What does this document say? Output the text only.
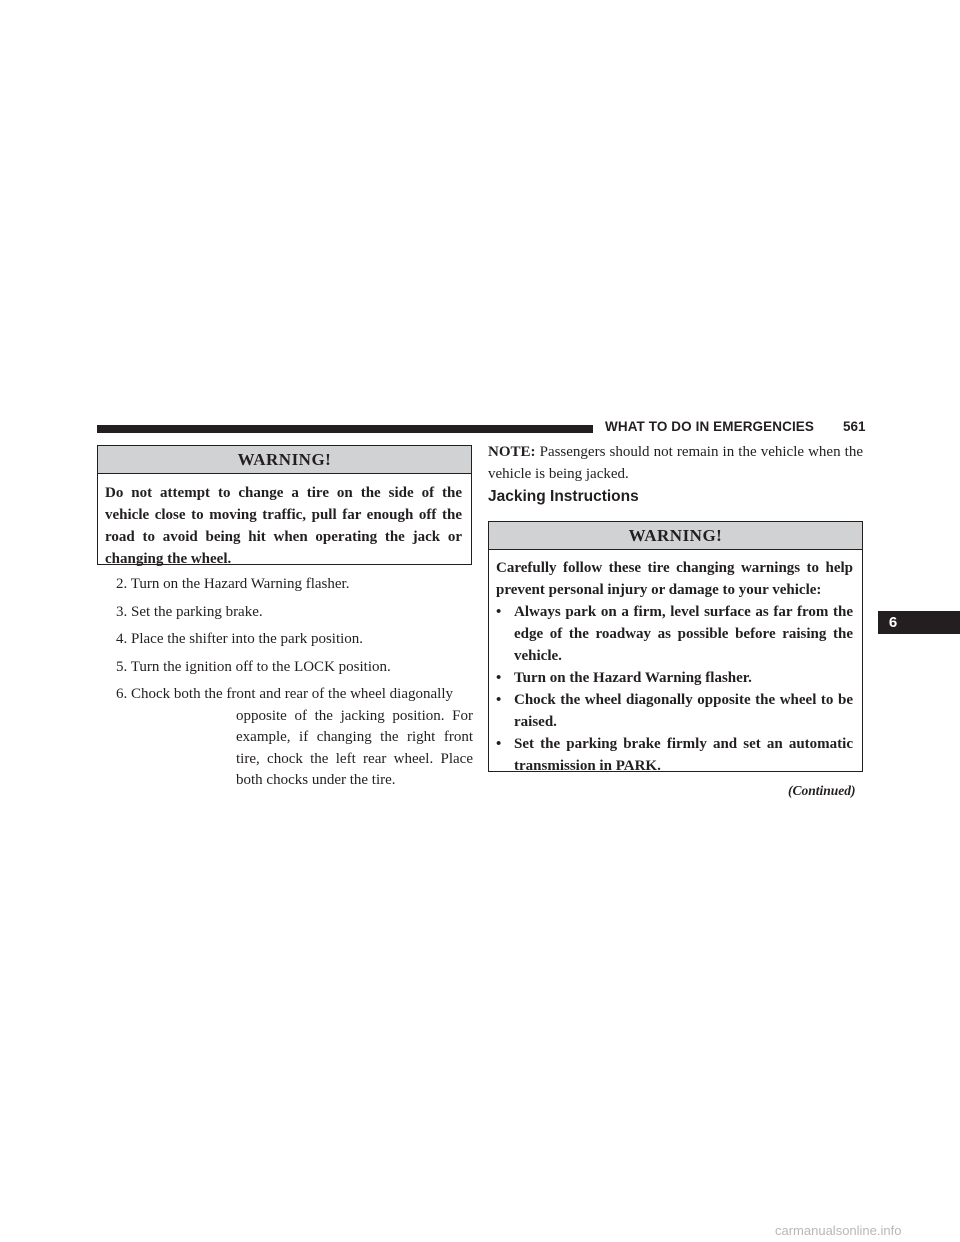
WHAT TO DO IN EMERGENCIES 561
WARNING!
Do not attempt to change a tire on the side of the vehicle close to moving traffic, pull far enough off the road to avoid being hit when operating the jack or changing the wheel.
2. Turn on the Hazard Warning flasher.
3. Set the parking brake.
4. Place the shifter into the park position.
5. Turn the ignition off to the LOCK position.
6. Chock both the front and rear of the wheel diagonally
opposite of the jacking position. For example, if changing the right front tire, chock the left rear wheel. Place both chocks under the tire.
NOTE: Passengers should not remain in the vehicle when the vehicle is being jacked.
Jacking Instructions
WARNING!
Carefully follow these tire changing warnings to help prevent personal injury or damage to your vehicle:
• Always park on a firm, level surface as far from the edge of the roadway as possible before raising the vehicle.
• Turn on the Hazard Warning flasher.
• Chock the wheel diagonally opposite the wheel to be raised.
• Set the parking brake firmly and set an automatic transmission in PARK.
(Continued)
6
carmanualsonline.info
